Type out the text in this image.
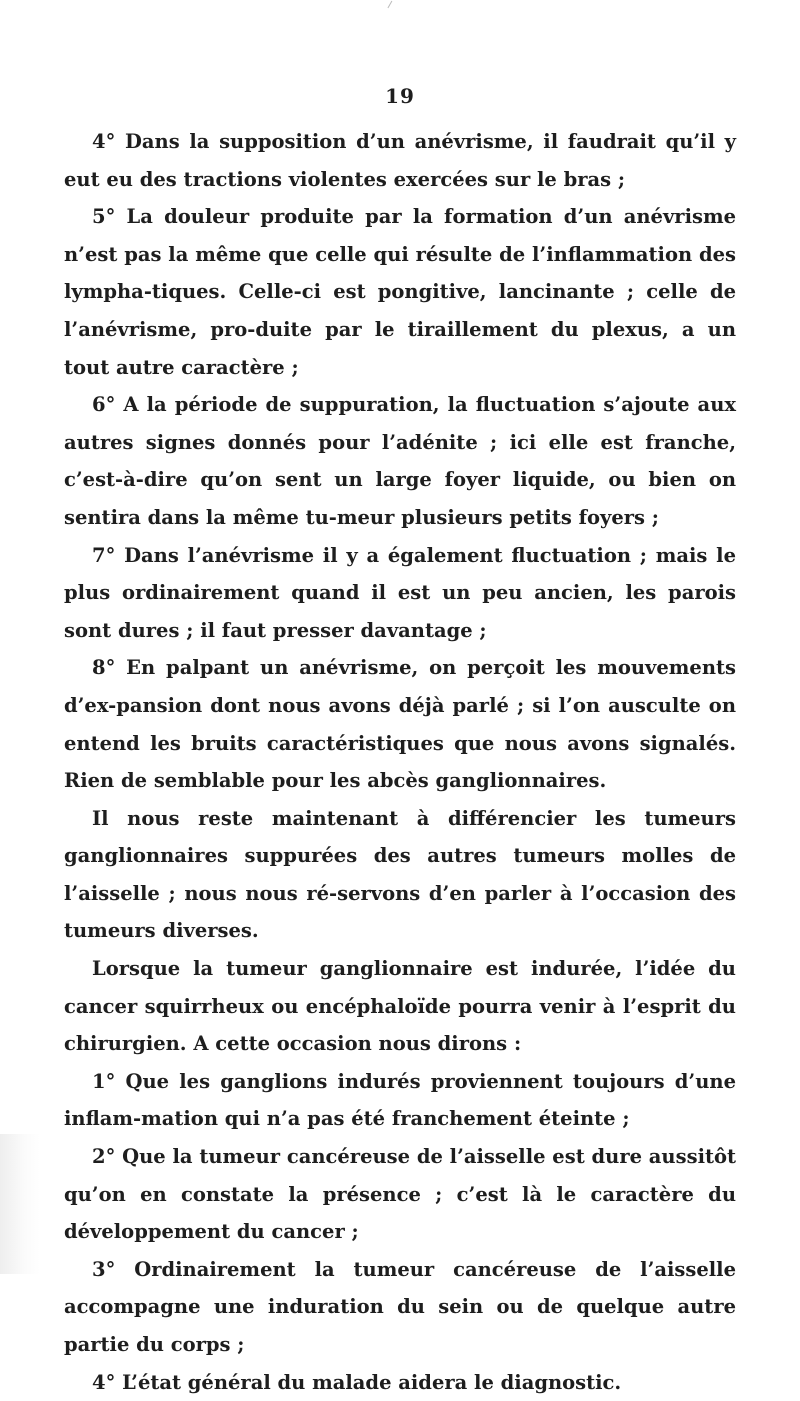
19

4° Dans la supposition d’un anévrisme, il faudrait qu’il y eut eu des tractions violentes exercées sur le bras ;

5° La douleur produite par la formation d’un anévrisme n’est pas la même que celle qui résulte de l’inflammation des lympha-tiques. Celle-ci est pongitive, lancinante ; celle de l’anévrisme, pro-duite par le tiraillement du plexus, a un tout autre caractère ;

6° A la période de suppuration, la fluctuation s’ajoute aux autres signes donnés pour l’adénite ; ici elle est franche, c’est-à-dire qu’on sent un large foyer liquide, ou bien on sentira dans la même tu-meur plusieurs petits foyers ;

7° Dans l’anévrisme il y a également fluctuation ; mais le plus ordinairement quand il est un peu ancien, les parois sont dures ; il faut presser davantage ;

8° En palpant un anévrisme, on perçoit les mouvements d’ex-pansion dont nous avons déjà parlé ; si l’on ausculte on entend les bruits caractéristiques que nous avons signalés. Rien de semblable pour les abcès ganglionnaires.

Il nous reste maintenant à différencier les tumeurs ganglionnaires suppurées des autres tumeurs molles de l’aisselle ; nous nous ré-servons d’en parler à l’occasion des tumeurs diverses.

Lorsque la tumeur ganglionnaire est indurée, l’idée du cancer squirrheux ou encéphaloïde pourra venir à l’esprit du chirurgien. A cette occasion nous dirons :

1° Que les ganglions indurés proviennent toujours d’une inflam-mation qui n’a pas été franchement éteinte ;

2° Que la tumeur cancéreuse de l’aisselle est dure aussitôt qu’on en constate la présence ; c’est là le caractère du développement du cancer ;

3° Ordinairement la tumeur cancéreuse de l’aisselle accompagne une induration du sein ou de quelque autre partie du corps ;

4° L’état général du malade aidera le diagnostic.
